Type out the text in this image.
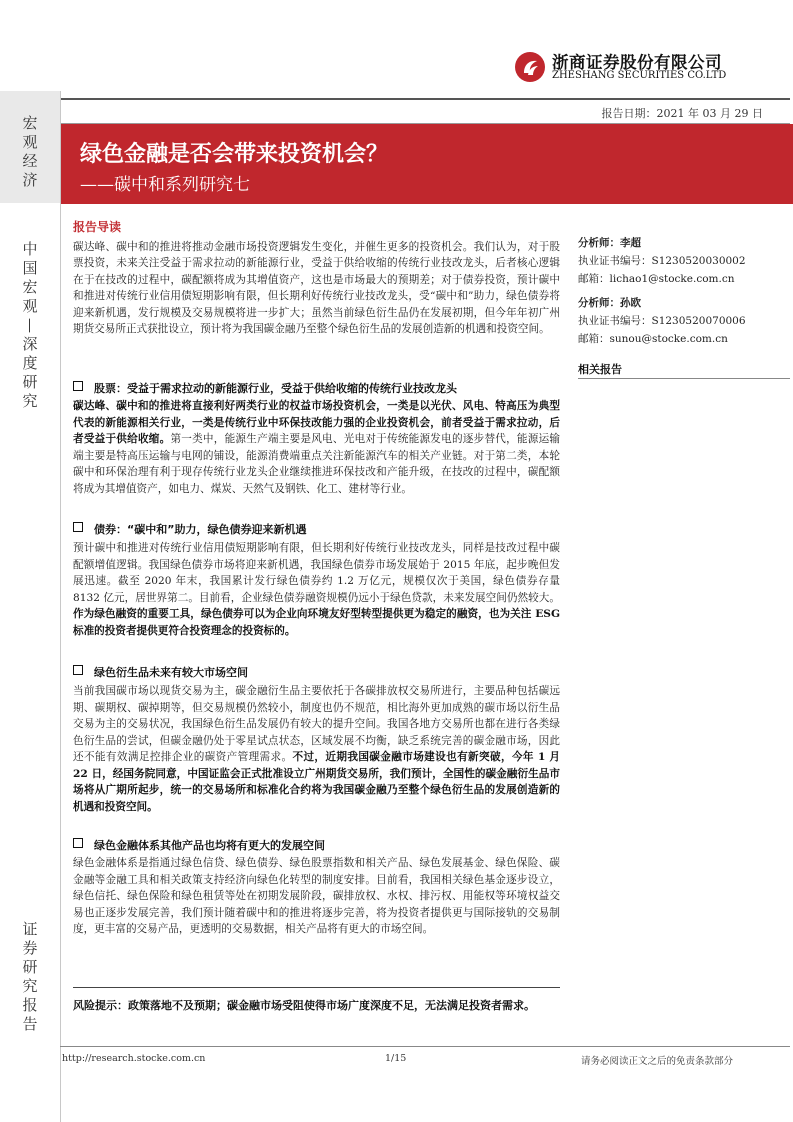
浙商证券股份有限公司
ZHESHANG SECURITIES CO.LTD
报告日期：2021 年 03 月 29 日
宏
观
经
济
中
国
宏
观
—
深
度
研
究
证
券
研
究
报
告
绿色金融是否会带来投资机会？
——碳中和系列研究七
报告导读

碳达峰、碳中和的推进将推动金融市场投资逻辑发生变化，并催生更多的投资机会。我们认为，对于股票投资，未来关注受益于需求拉动的新能源行业，受益于供给收缩的传统行业技改龙头，后者核心逻辑在于在技改的过程中，碳配额将成为其增值资产，这也是市场最大的预期差；对于债券投资，预计碳中和推进对传统行业信用债短期影响有限，但长期利好传统行业技改龙头，受“碳中和”助力，绿色债券将迎来新机遇，发行规模及交易规模将进一步扩大；虽然当前绿色衍生品仍在发展初期，但今年年初广州期货交易所正式获批设立，预计将为我国碳金融乃至整个绿色衍生品的发展创造新的机遇和投资空间。

股票：受益于需求拉动的新能源行业，受益于供给收缩的传统行业技改龙头

碳达峰、碳中和的推进将直接利好两类行业的权益市场投资机会，一类是以光伏、风电、特高压为典型代表的新能源相关行业，一类是传统行业中环保技改能力强的企业投资机会，前者受益于需求拉动，后者受益于供给收缩。第一类中，能源生产端主要是风电、光电对于传统能源发电的逐步替代，能源运输端主要是特高压运输与电网的铺设，能源消费端重点关注新能源汽车的相关产业链。对于第二类，本轮碳中和环保治理有利于现存传统行业龙头企业继续推进环保技改和产能升级，在技改的过程中，碳配额将成为其增值资产，如电力、煤炭、天然气及钢铁、化工、建材等行业。

债券：“碳中和”助力，绿色债券迎来新机遇

预计碳中和推进对传统行业信用债短期影响有限，但长期利好传统行业技改龙头，同样是技改过程中碳配额增值逻辑。我国绿色债券市场将迎来新机遇，我国绿色债券市场发展始于 2015 年底，起步晚但发展迅速。截至 2020 年末，我国累计发行绿色债券约 1.2 万亿元，规模仅次于美国，绿色债券存量 8132 亿元，居世界第二。目前看，企业绿色债券融资规模仍远小于绿色贷款，未来发展空间仍然较大。作为绿色融资的重要工具，绿色债券可以为企业向环境友好型转型提供更为稳定的融资，也为关注 ESG 标准的投资者提供更符合投资理念的投资标的。

绿色衍生品未来有较大市场空间

当前我国碳市场以现货交易为主，碳金融衍生品主要依托于各碳排放权交易所进行，主要品种包括碳远期、碳期权、碳掉期等，但交易规模仍然较小，制度也仍不规范，相比海外更加成熟的碳市场以衍生品交易为主的交易状况，我国绿色衍生品发展仍有较大的提升空间。我国各地方交易所也都在进行各类绿色衍生品的尝试，但碳金融仍处于零星试点状态，区域发展不均衡，缺乏系统完善的碳金融市场，因此还不能有效满足控排企业的碳资产管理需求。不过，近期我国碳金融市场建设也有新突破，今年 1 月 22 日，经国务院同意，中国证监会正式批准设立广州期货交易所，我们预计，全国性的碳金融衍生品市场将从广期所起步，统一的交易场所和标准化合约将为我国碳金融乃至整个绿色衍生品的发展创造新的机遇和投资空间。

绿色金融体系其他产品也均将有更大的发展空间

绿色金融体系是指通过绿色信贷、绿色债券、绿色股票指数和相关产品、绿色发展基金、绿色保险、碳金融等金融工具和相关政策支持经济向绿色化转型的制度安排。目前看，我国相关绿色基金逐步设立，绿色信托、绿色保险和绿色租赁等处在初期发展阶段，碳排放权、水权、排污权、用能权等环境权益交易也正逐步发展完善，我们预计随着碳中和的推进将逐步完善，将为投资者提供更与国际接轨的交易制度，更丰富的交易产品，更透明的交易数据，相关产品将有更大的市场空间。

风险提示：政策落地不及预期；碳金融市场受阻使得市场广度深度不足，无法满足投资者需求。
分析师：李超
执业证书编号：S1230520030002
邮箱：lichao1@stocke.com.cn
分析师：孙欧
执业证书编号：S1230520070006
邮箱：sunou@stocke.com.cn
相关报告
http://research.stocke.com.cn	1/15	请务必阅读正文之后的免责条款部分
